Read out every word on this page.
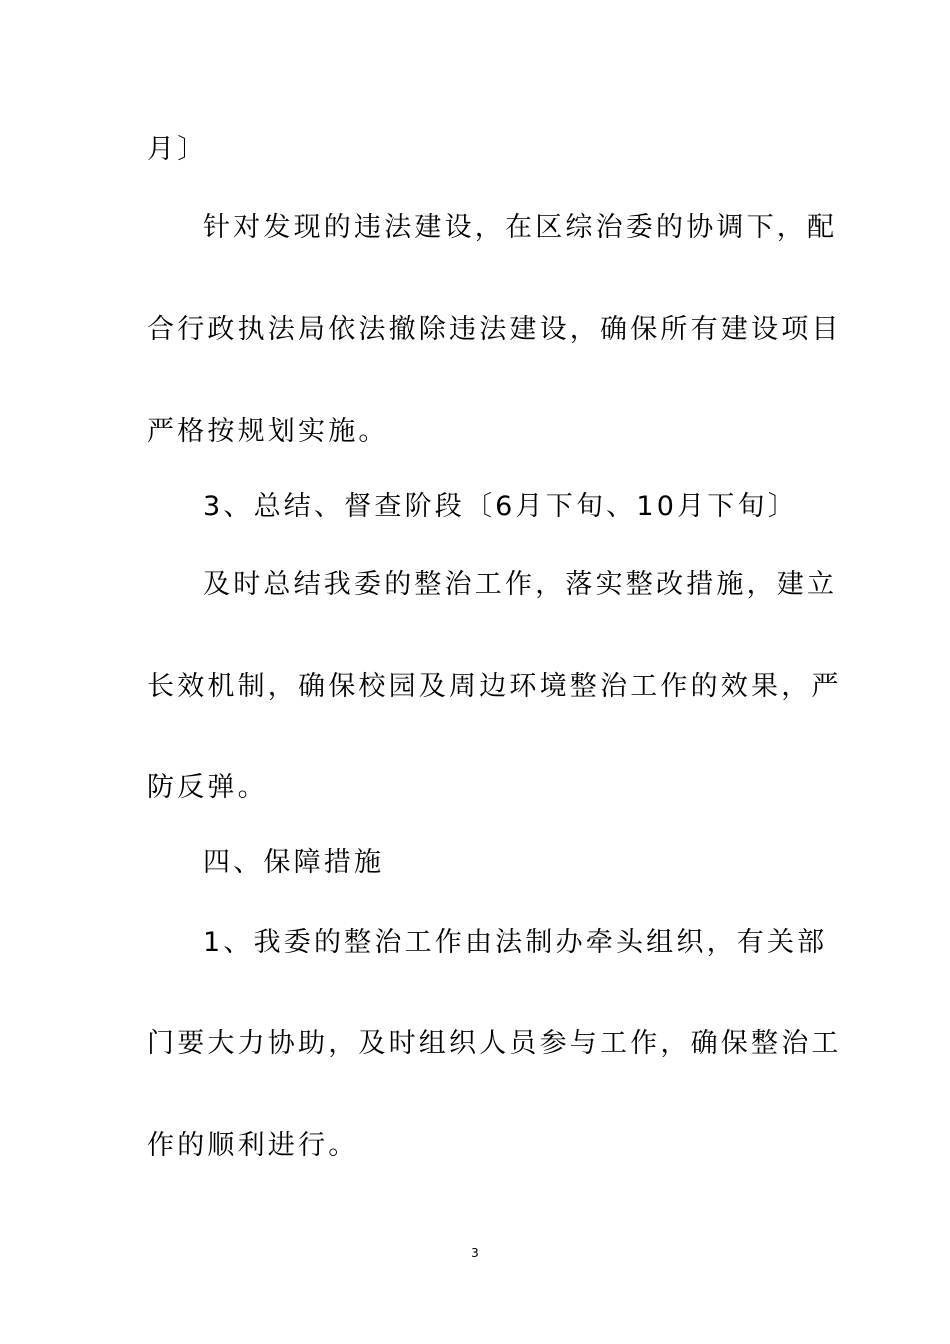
月〕
针对发现的违法建设，在区综治委的协调下，配
合行政执法局依法撤除违法建设，确保所有建设项目
严格按规划实施。
3、总结、督查阶段〔6月下旬、10月下旬〕
及时总结我委的整治工作，落实整改措施，建立
长效机制，确保校园及周边环境整治工作的效果，严
防反弹。
四、保障措施
1、我委的整治工作由法制办牵头组织，有关部
门要大力协助，及时组织人员参与工作，确保整治工
作的顺利进行。
3
